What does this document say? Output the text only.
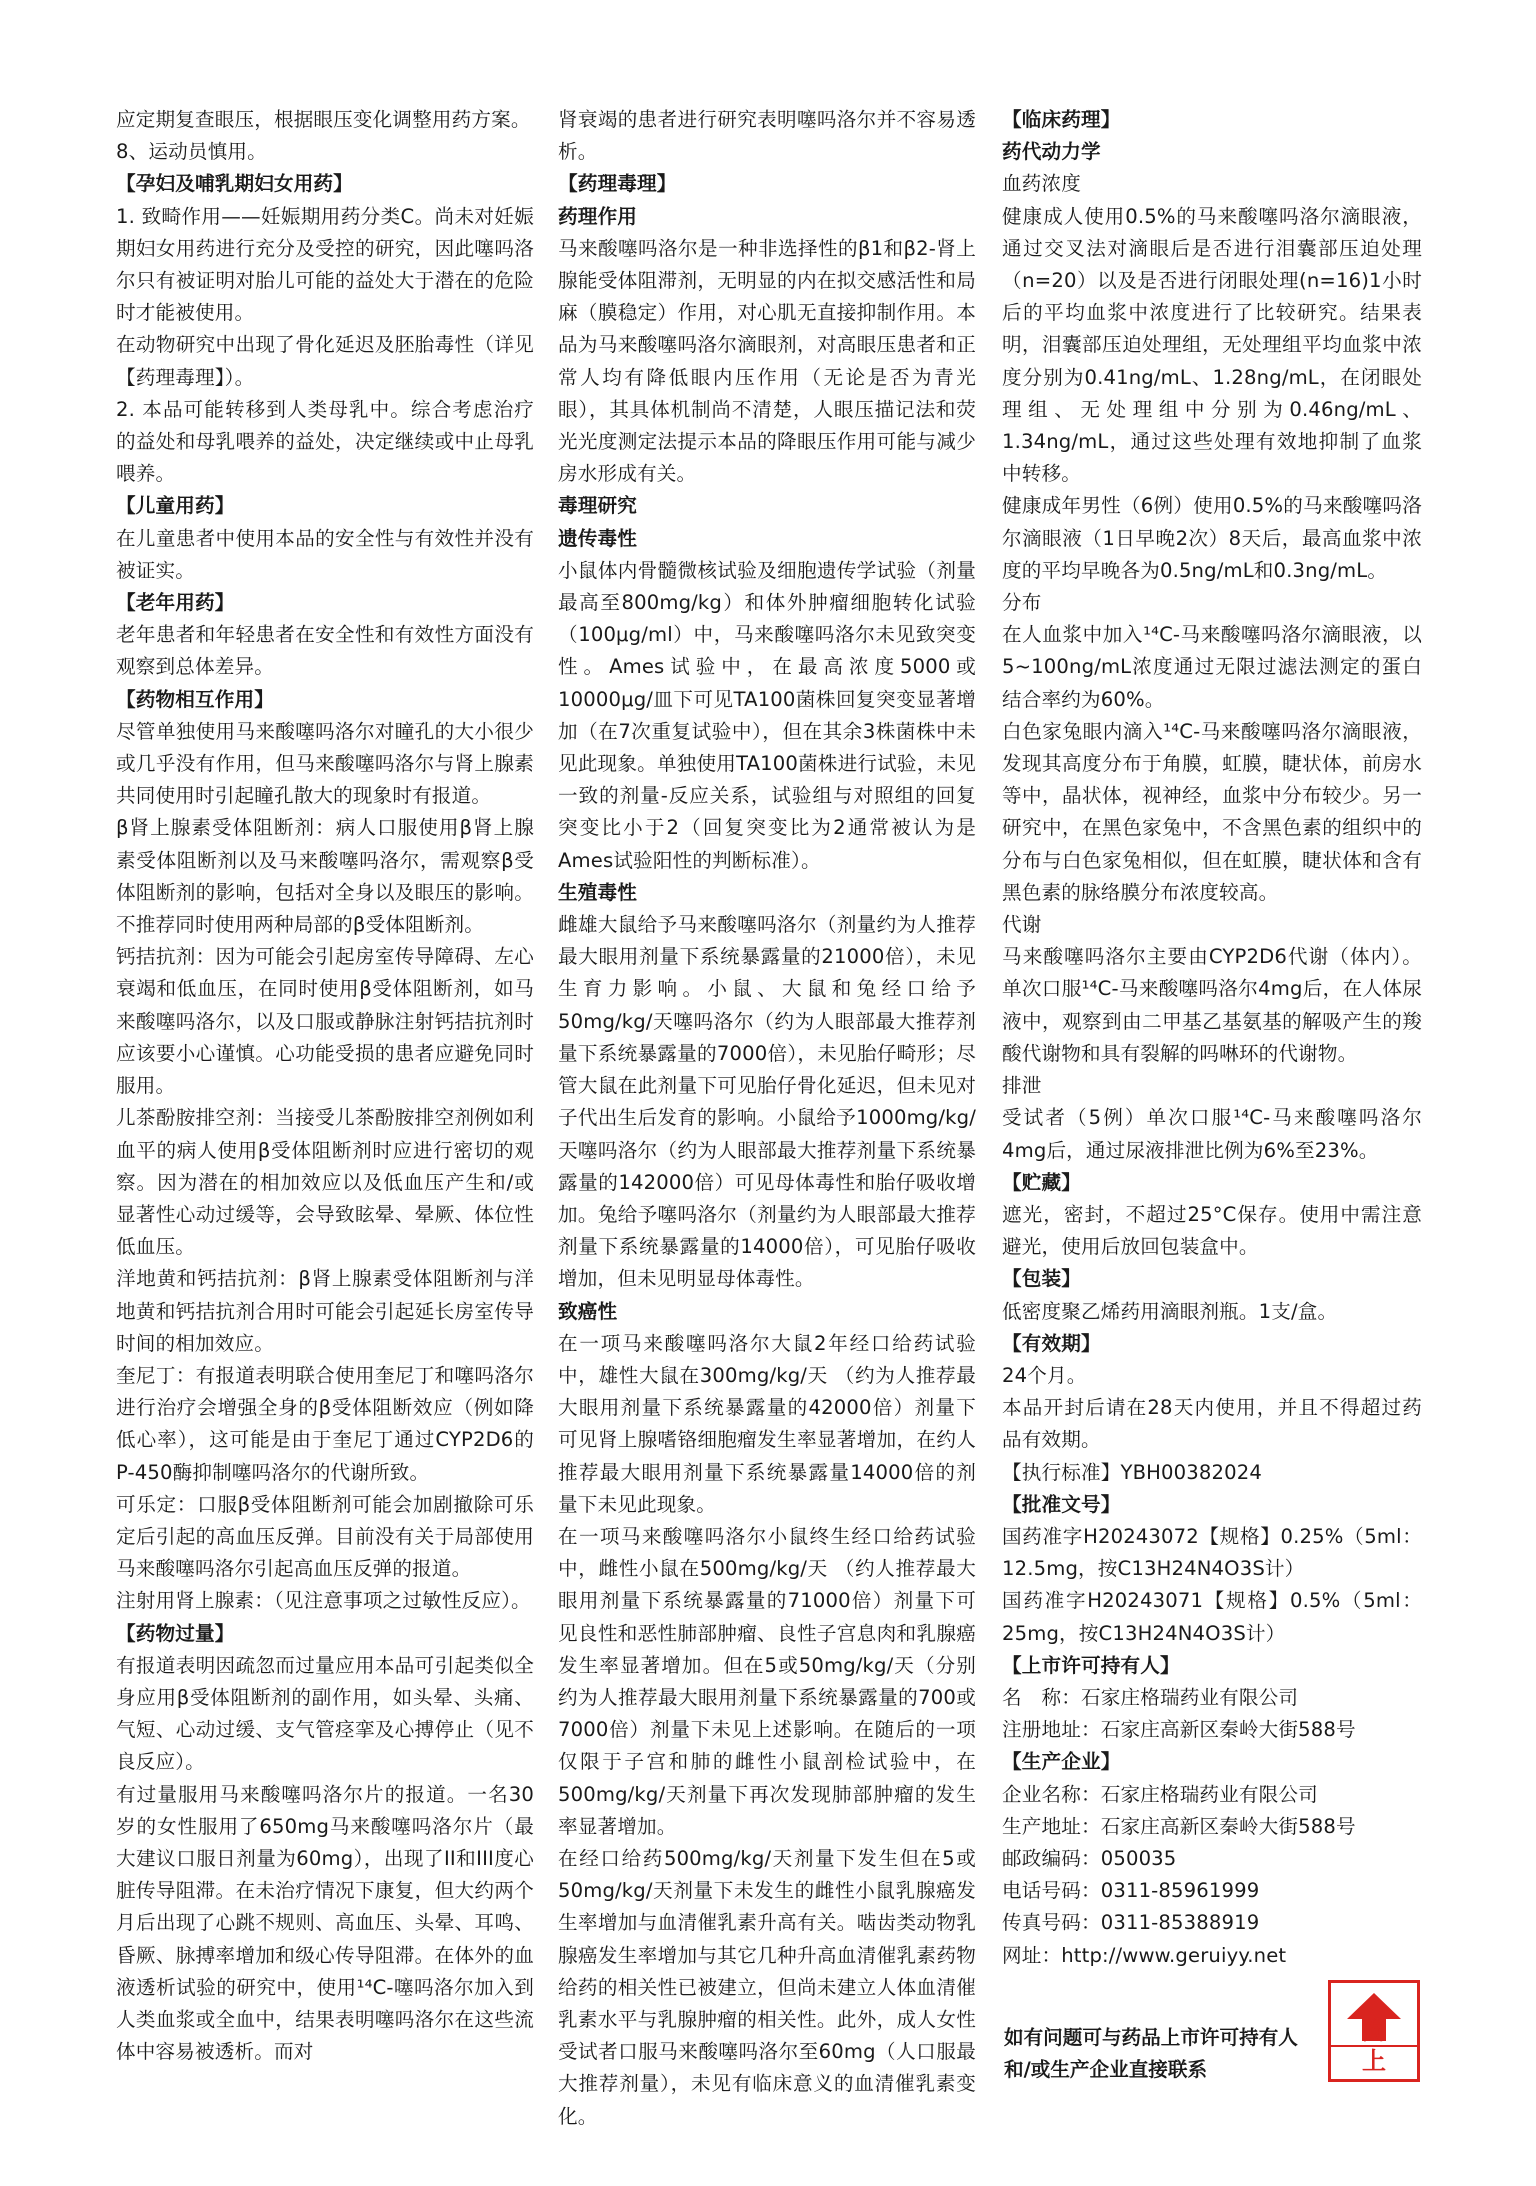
应定期复查眼压，根据眼压变化调整用药方案。

8、运动员慎用。

【孕妇及哺乳期妇女用药】

1. 致畸作用——妊娠期用药分类C。尚未对妊娠期妇女用药进行充分及受控的研究，因此噻吗洛尔只有被证明对胎儿可能的益处大于潜在的危险时才能被使用。

在动物研究中出现了骨化延迟及胚胎毒性（详见【药理毒理】）。

2. 本品可能转移到人类母乳中。综合考虑治疗的益处和母乳喂养的益处，决定继续或中止母乳喂养。

【儿童用药】

在儿童患者中使用本品的安全性与有效性并没有被证实。

【老年用药】

老年患者和年轻患者在安全性和有效性方面没有观察到总体差异。

【药物相互作用】

尽管单独使用马来酸噻吗洛尔对瞳孔的大小很少或几乎没有作用，但马来酸噻吗洛尔与肾上腺素共同使用时引起瞳孔散大的现象时有报道。

β肾上腺素受体阻断剂：病人口服使用β肾上腺素受体阻断剂以及马来酸噻吗洛尔，需观察β受体阻断剂的影响，包括对全身以及眼压的影响。不推荐同时使用两种局部的β受体阻断剂。

钙拮抗剂：因为可能会引起房室传导障碍、左心衰竭和低血压，在同时使用β受体阻断剂，如马来酸噻吗洛尔，以及口服或静脉注射钙拮抗剂时应该要小心谨慎。心功能受损的患者应避免同时服用。

儿茶酚胺排空剂：当接受儿茶酚胺排空剂例如利血平的病人使用β受体阻断剂时应进行密切的观察。因为潜在的相加效应以及低血压产生和/或显著性心动过缓等，会导致眩晕、晕厥、体位性低血压。

洋地黄和钙拮抗剂：β肾上腺素受体阻断剂与洋地黄和钙拮抗剂合用时可能会引起延长房室传导时间的相加效应。

奎尼丁：有报道表明联合使用奎尼丁和噻吗洛尔进行治疗会增强全身的β受体阻断效应（例如降低心率），这可能是由于奎尼丁通过CYP2D6的P-450酶抑制噻吗洛尔的代谢所致。

可乐定：口服β受体阻断剂可能会加剧撤除可乐定后引起的高血压反弹。目前没有关于局部使用马来酸噻吗洛尔引起高血压反弹的报道。

注射用肾上腺素：（见注意事项之过敏性反应）。

【药物过量】

有报道表明因疏忽而过量应用本品可引起类似全身应用β受体阻断剂的副作用，如头晕、头痛、气短、心动过缓、支气管痉挛及心搏停止（见不良反应）。

有过量服用马来酸噻吗洛尔片的报道。一名30岁的女性服用了650mg马来酸噻吗洛尔片（最大建议口服日剂量为60mg），出现了II和III度心脏传导阻滞。在未治疗情况下康复，但大约两个月后出现了心跳不规则、高血压、头晕、耳鸣、昏厥、脉搏率增加和级心传导阻滞。在体外的血液透析试验的研究中，使用¹⁴C-噻吗洛尔加入到人类血浆或全血中，结果表明噻吗洛尔在这些流体中容易被透析。而对

肾衰竭的患者进行研究表明噻吗洛尔并不容易透析。

【药理毒理】

药理作用

马来酸噻吗洛尔是一种非选择性的β1和β2-肾上腺能受体阻滞剂，无明显的内在拟交感活性和局麻（膜稳定）作用，对心肌无直接抑制作用。本品为马来酸噻吗洛尔滴眼剂，对高眼压患者和正常人均有降低眼内压作用（无论是否为青光眼），其具体机制尚不清楚，人眼压描记法和荧光光度测定法提示本品的降眼压作用可能与减少房水形成有关。

毒理研究

遗传毒性

小鼠体内骨髓微核试验及细胞遗传学试验（剂量最高至800mg/kg）和体外肿瘤细胞转化试验（100μg/ml）中，马来酸噻吗洛尔未见致突变性。Ames试验中，在最高浓度5000或10000μg/皿下可见TA100菌株回复突变显著增加（在7次重复试验中），但在其余3株菌株中未见此现象。单独使用TA100菌株进行试验，未见一致的剂量-反应关系，试验组与对照组的回复突变比小于2（回复突变比为2通常被认为是Ames试验阳性的判断标准）。

生殖毒性

雌雄大鼠给予马来酸噻吗洛尔（剂量约为人推荐最大眼用剂量下系统暴露量的21000倍），未见生育力影响。小鼠、大鼠和兔经口给予50mg/kg/天噻吗洛尔（约为人眼部最大推荐剂量下系统暴露量的7000倍），未见胎仔畸形；尽管大鼠在此剂量下可见胎仔骨化延迟，但未见对子代出生后发育的影响。小鼠给予1000mg/kg/天噻吗洛尔（约为人眼部最大推荐剂量下系统暴露量的142000倍）可见母体毒性和胎仔吸收增加。兔给予噻吗洛尔（剂量约为人眼部最大推荐剂量下系统暴露量的14000倍），可见胎仔吸收增加，但未见明显母体毒性。

致癌性

在一项马来酸噻吗洛尔大鼠2年经口给药试验中，雄性大鼠在300mg/kg/天 （约为人推荐最大眼用剂量下系统暴露量的42000倍）剂量下可见肾上腺嗜铬细胞瘤发生率显著增加，在约人推荐最大眼用剂量下系统暴露量14000倍的剂量下未见此现象。

在一项马来酸噻吗洛尔小鼠终生经口给药试验中，雌性小鼠在500mg/kg/天 （约人推荐最大眼用剂量下系统暴露量的71000倍）剂量下可见良性和恶性肺部肿瘤、良性子宫息肉和乳腺癌发生率显著增加。但在5或50mg/kg/天（分别约为人推荐最大眼用剂量下系统暴露量的700或7000倍）剂量下未见上述影响。在随后的一项仅限于子宫和肺的雌性小鼠剖检试验中，在500mg/kg/天剂量下再次发现肺部肿瘤的发生率显著增加。

在经口给药500mg/kg/天剂量下发生但在5或50mg/kg/天剂量下未发生的雌性小鼠乳腺癌发生率增加与血清催乳素升高有关。啮齿类动物乳腺癌发生率增加与其它几种升高血清催乳素药物给药的相关性已被建立，但尚未建立人体血清催乳素水平与乳腺肿瘤的相关性。此外，成人女性受试者口服马来酸噻吗洛尔至60mg（人口服最大推荐剂量），未见有临床意义的血清催乳素变化。

【临床药理】

药代动力学

血药浓度

健康成人使用0.5%的马来酸噻吗洛尔滴眼液，通过交叉法对滴眼后是否进行泪囊部压迫处理（n=20）以及是否进行闭眼处理(n=16)1小时后的平均血浆中浓度进行了比较研究。结果表明，泪囊部压迫处理组，无处理组平均血浆中浓度分别为0.41ng/mL、1.28ng/mL，在闭眼处理组、无处理组中分别为0.46ng/mL、1.34ng/mL，通过这些处理有效地抑制了血浆中转移。

健康成年男性（6例）使用0.5%的马来酸噻吗洛尔滴眼液（1日早晚2次）8天后，最高血浆中浓度的平均早晚各为0.5ng/mL和0.3ng/mL。

分布

在人血浆中加入¹⁴C-马来酸噻吗洛尔滴眼液，以5~100ng/mL浓度通过无限过滤法测定的蛋白结合率约为60%。

白色家兔眼内滴入¹⁴C-马来酸噻吗洛尔滴眼液，发现其高度分布于角膜，虹膜，睫状体，前房水等中，晶状体，视神经，血浆中分布较少。另一研究中，在黑色家兔中，不含黑色素的组织中的分布与白色家兔相似，但在虹膜，睫状体和含有黑色素的脉络膜分布浓度较高。

代谢

马来酸噻吗洛尔主要由CYP2D6代谢（体内）。单次口服¹⁴C-马来酸噻吗洛尔4mg后，在人体尿液中，观察到由二甲基乙基氨基的解吸产生的羧酸代谢物和具有裂解的吗啉环的代谢物。

排泄

受试者（5例）单次口服¹⁴C-马来酸噻吗洛尔4mg后，通过尿液排泄比例为6%至23%。

【贮藏】

遮光，密封，不超过25°C保存。使用中需注意避光，使用后放回包装盒中。

【包装】

低密度聚乙烯药用滴眼剂瓶。1支/盒。

【有效期】

24个月。

本品开封后请在28天内使用，并且不得超过药品有效期。

【执行标准】YBH00382024

【批准文号】

国药准字H20243072【规格】0.25%（5ml：12.5mg，按C13H24N4O3S计）

国药准字H20243071【规格】0.5%（5ml：25mg，按C13H24N4O3S计）

【上市许可持有人】

名　称：石家庄格瑞药业有限公司

注册地址：石家庄高新区秦岭大街588号

【生产企业】

企业名称：石家庄格瑞药业有限公司

生产地址：石家庄高新区秦岭大街588号

邮政编码：050035

电话号码：0311-85961999

传真号码：0311-85388919

网址：http://www.geruiyy.net

如有问题可与药品上市许可持有人和/或生产企业直接联系
向上
